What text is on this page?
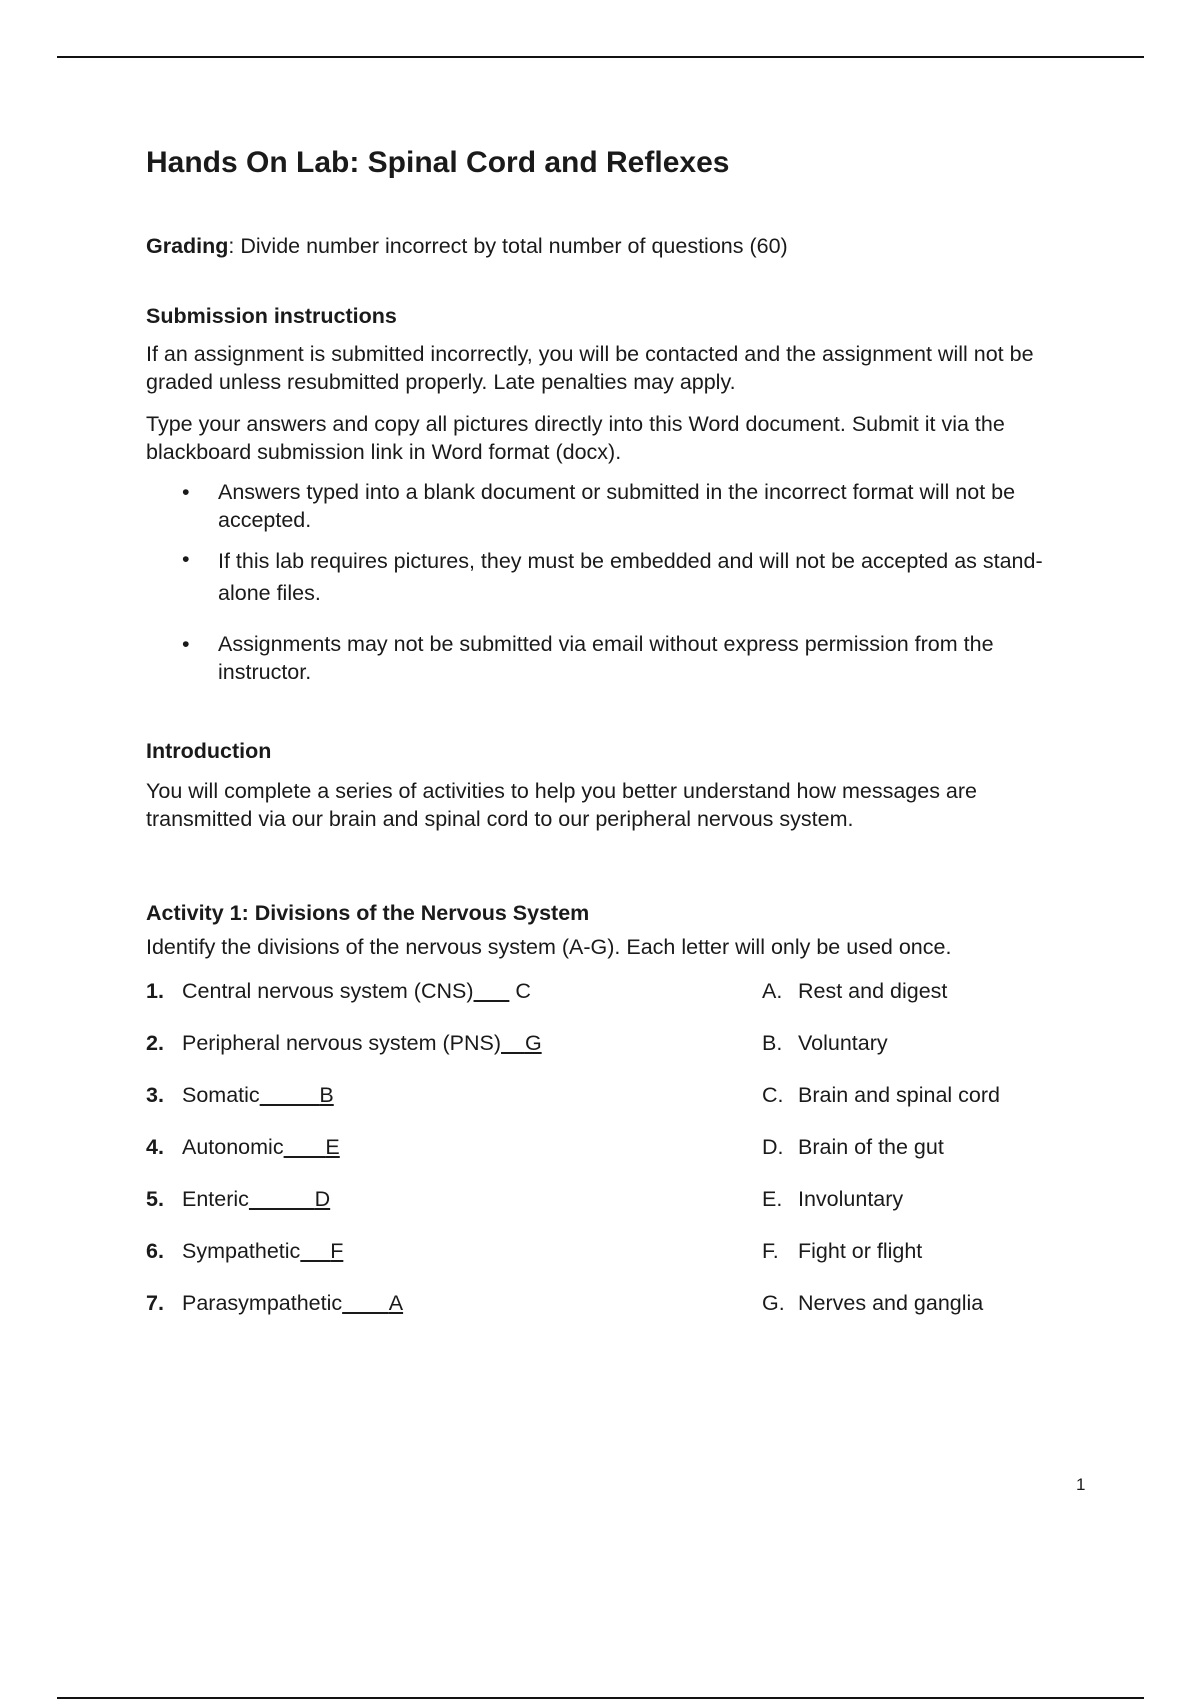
Hands On Lab: Spinal Cord and Reflexes
Grading: Divide number incorrect by total number of questions (60)
Submission instructions
If an assignment is submitted incorrectly, you will be contacted and the assignment will not be graded unless resubmitted properly. Late penalties may apply.
Type your answers and copy all pictures directly into this Word document. Submit it via the blackboard submission link in Word format (docx).
• Answers typed into a blank document or submitted in the incorrect format will not be accepted.
• If this lab requires pictures, they must be embedded and will not be accepted as stand-alone files.
• Assignments may not be submitted via email without express permission from the instructor.
Introduction
You will complete a series of activities to help you better understand how messages are transmitted via our brain and spinal cord to our peripheral nervous system.
Activity 1: Divisions of the Nervous System
Identify the divisions of the nervous system (A-G). Each letter will only be used once.
1. Central nervous system (CNS) C
2. Peripheral nervous system (PNS) G
3. Somatic	B
4. Autonomic E
5. Enteric	D
6. Sympathetic F
7. Parasympathetic A
A. Rest and digest
B. Voluntary
C. Brain and spinal cord
D. Brain of the gut
E. Involuntary
F. Fight or flight
G. Nerves and ganglia
1
